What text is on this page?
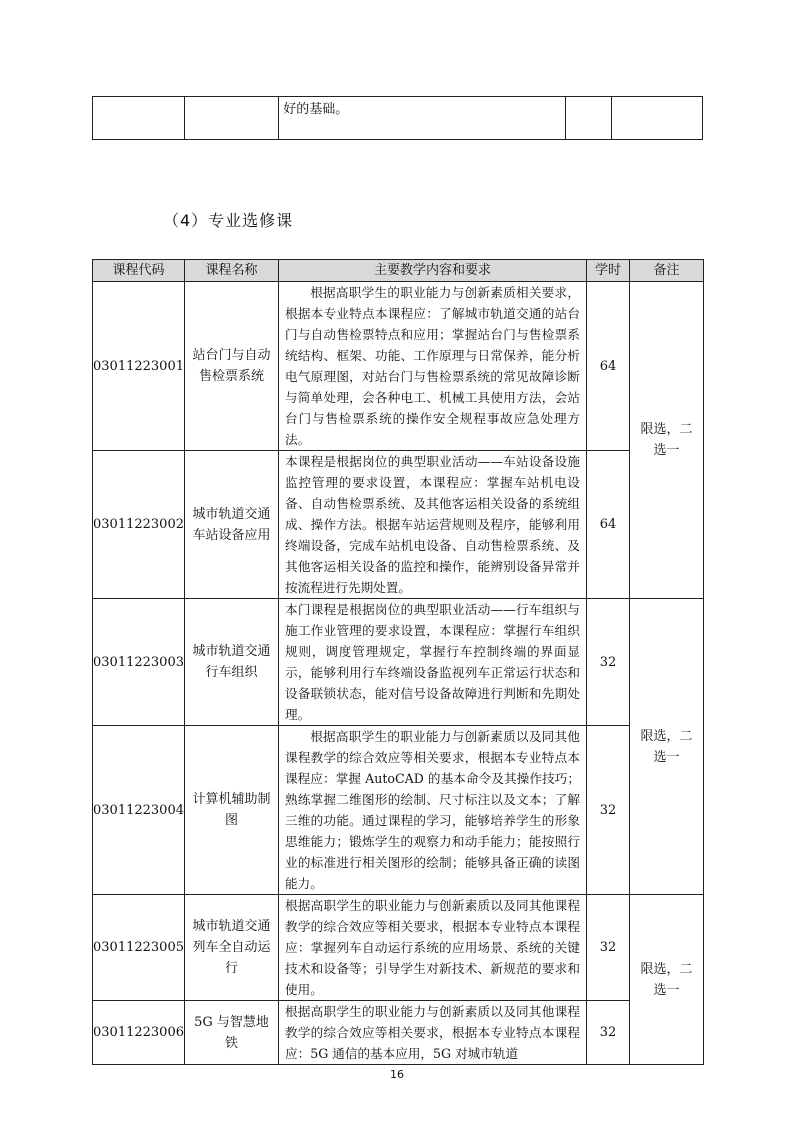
		好的基础。		
（4）专业选修课
课程代码	课程名称	主要教学内容和要求	学时	备注
03011223001	站台门与自动售检票系统	根据高职学生的职业能力与创新素质相关要求，根据本专业特点本课程应：了解城市轨道交通的站台门与自动售检票特点和应用；掌握站台门与售检票系统结构、框架、功能、工作原理与日常保养，能分析电气原理图，对站台门与售检票系统的常见故障诊断与简单处理，会各种电工、机械工具使用方法，会站台门与售检票系统的操作安全规程事故应急处理方法。	64	限选，二选一
03011223002	城市轨道交通车站设备应用	本课程是根据岗位的典型职业活动——车站设备设施监控管理的要求设置，本课程应：掌握车站机电设备、自动售检票系统、及其他客运相关设备的系统组成、操作方法。根据车站运营规则及程序，能够利用终端设备，完成车站机电设备、自动售检票系统、及其他客运相关设备的监控和操作，能辨别设备异常并按流程进行先期处置。	64	
03011223003	城市轨道交通行车组织	本门课程是根据岗位的典型职业活动——行车组织与施工作业管理的要求设置，本课程应：掌握行车组织规则，调度管理规定，掌握行车控制终端的界面显示，能够利用行车终端设备监视列车正常运行状态和设备联锁状态，能对信号设备故障进行判断和先期处理。	32	限选，二选一
03011223004	计算机辅助制图	根据高职学生的职业能力与创新素质以及同其他课程教学的综合效应等相关要求，根据本专业特点本课程应：掌握 AutoCAD 的基本命令及其操作技巧；熟练掌握二维图形的绘制、尺寸标注以及文本；了解三维的功能。通过课程的学习，能够培养学生的形象思维能力；锻炼学生的观察力和动手能力；能按照行业的标准进行相关图形的绘制；能够具备正确的读图能力。	32	
03011223005	城市轨道交通列车全自动运行	根据高职学生的职业能力与创新素质以及同其他课程教学的综合效应等相关要求，根据本专业特点本课程应：掌握列车自动运行系统的应用场景、系统的关键技术和设备等；引导学生对新技术、新规范的要求和使用。	32	限选，二选一
03011223006	5G 与智慧地铁	根据高职学生的职业能力与创新素质以及同其他课程教学的综合效应等相关要求，根据本专业特点本课程应：5G 通信的基本应用，5G 对城市轨道	32	
16
